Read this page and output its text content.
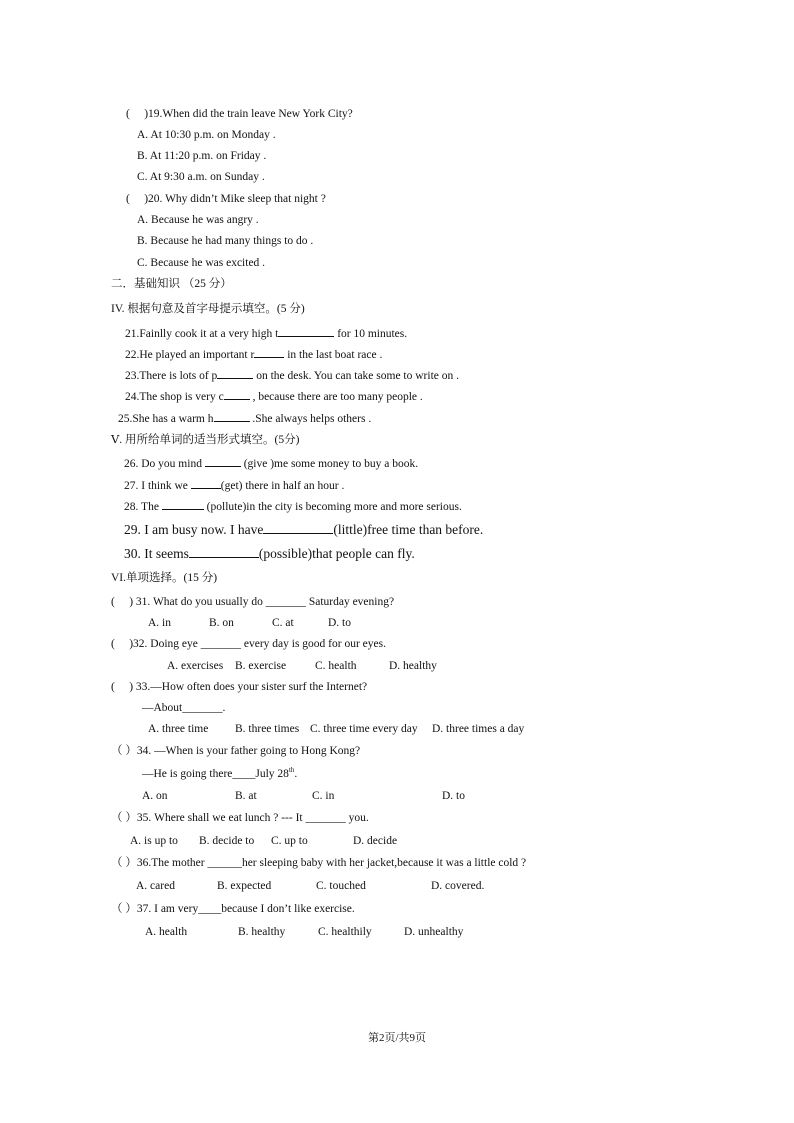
(　 )19.When did the train leave New York City?
A. At 10:30 p.m. on Monday .
B. At 11:20 p.m. on Friday .
C. At 9:30 a.m. on Sunday .
(　 )20. Why didn’t Mike sleep that night ?
A. Because he was angry .
B. Because he had many things to do .
C. Because he was excited .
二．基础知识 （25 分）
IV. 根据句意及首字母提示填空。(5 分)
21.Fainlly cook it at a very high t	for 10 minutes.
22.He played an important r	in the last boat race .
23.There is lots of p	on the desk. You can take some to write on .
24.The shop is very c , because there are too many people .
25.She has a warm h	.She always helps others .
Ⅴ. 用所给单词的适当形式填空。(5分)
26. Do you mind	(give )me some money to buy a book.
27. I think we	(get) there in half an hour .
28. The	(pollute)in the city is becoming more and more serious.
29. I am busy now. I have	(little)free time than before.
30. It seems	(possible)that people can fly.
VI.单项选择。(15 分)
(　 ) 31. What do you usually do _______ Saturday evening?
A. in	B. on	C. at	D. to
(　 )32. Doing eye _______ every day is good for our eyes.
A. exercises B. exercise	C. health	D. healthy
(　 ) 33.—How often does your sister surf the Internet?
—About_______.
A. three time B. three times C. three time every day D. three times a day
（ ）34. —When is your father going to Hong Kong?
—He is going there____July 28th.
A. on	B. at	C. in	D. to
（ ）35. Where shall we eat lunch ? --- It _______ you.
A. is up to B. decide to C. up to	D. decide
（ ）36.The mother ______her sleeping baby with her jacket,because it was a little cold ?
A. cared	B. expected	C. touched	D. covered.
（ ）37. I am very____because I don’t like exercise.
A. health	B. healthy	C. healthily	D. unhealthy
第2页/共9页
